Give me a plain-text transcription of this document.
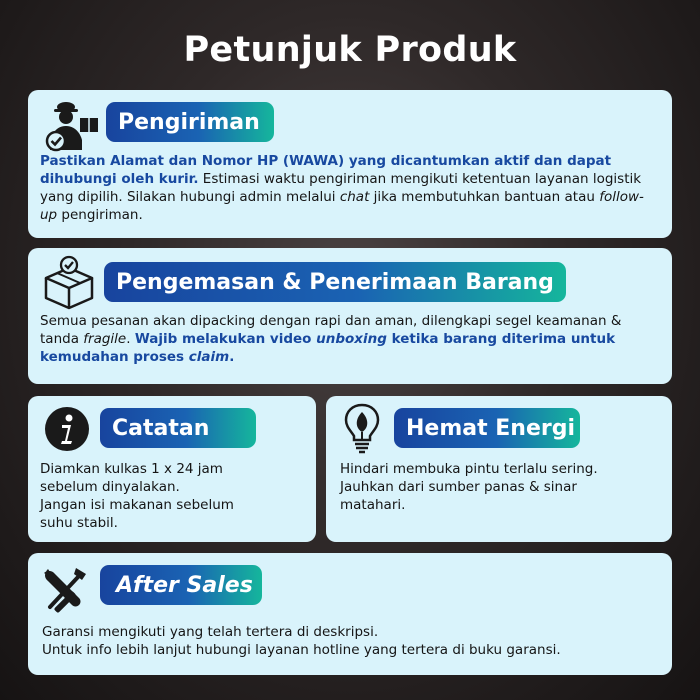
Petunjuk Produk
Pengiriman
Pastikan Alamat dan Nomor HP (WAWA) yang dicantumkan aktif dan dapat dihubungi oleh kurir. Estimasi waktu pengiriman mengikuti ketentuan layanan logistik yang dipilih. Silakan hubungi admin melalui chat jika membutuhkan bantuan atau follow-up pengiriman.
Pengemasan & Penerimaan Barang
Semua pesanan akan dipacking dengan rapi dan aman, dilengkapi segel keamanan & tanda fragile. Wajib melakukan video unboxing ketika barang diterima untuk kemudahan proses claim.
Catatan
Diamkan kulkas 1 x 24 jam
sebelum dinyalakan.
Jangan isi makanan sebelum
suhu stabil.
Hemat Energi
Hindari membuka pintu terlalu sering.
Jauhkan dari sumber panas & sinar
matahari.
After Sales
Garansi mengikuti yang telah tertera di deskripsi.
Untuk info lebih lanjut hubungi layanan hotline yang tertera di buku garansi.
